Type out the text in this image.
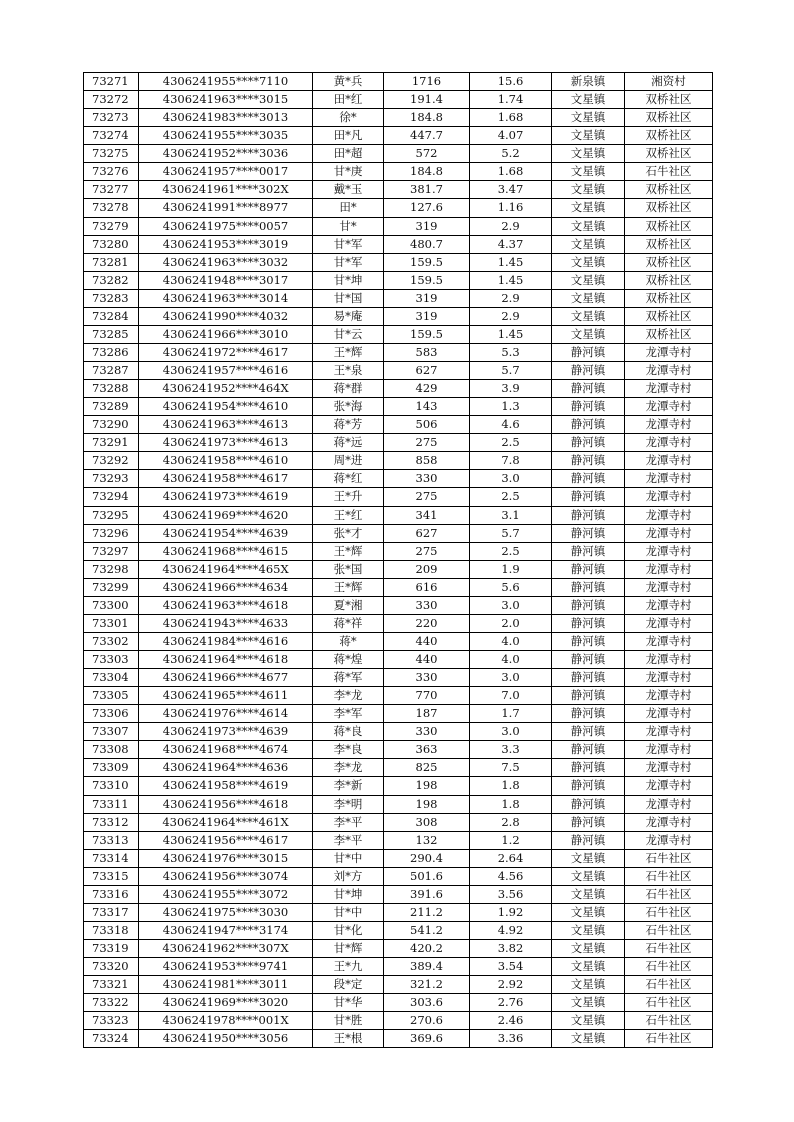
73271	4306241955****7110	黄*兵	1716	15.6	新泉镇	湘资村
73272	4306241963****3015	田*红	191.4	1.74	文星镇	双桥社区
73273	4306241983****3013	徐*	184.8	1.68	文星镇	双桥社区
73274	4306241955****3035	田*凡	447.7	4.07	文星镇	双桥社区
73275	4306241952****3036	田*超	572	5.2	文星镇	双桥社区
73276	4306241957****0017	甘*庚	184.8	1.68	文星镇	石牛社区
73277	4306241961****302X	戴*玉	381.7	3.47	文星镇	双桥社区
73278	4306241991****8977	田*	127.6	1.16	文星镇	双桥社区
73279	4306241975****0057	甘*	319	2.9	文星镇	双桥社区
73280	4306241953****3019	甘*军	480.7	4.37	文星镇	双桥社区
73281	4306241963****3032	甘*军	159.5	1.45	文星镇	双桥社区
73282	4306241948****3017	甘*坤	159.5	1.45	文星镇	双桥社区
73283	4306241963****3014	甘*国	319	2.9	文星镇	双桥社区
73284	4306241990****4032	易*庵	319	2.9	文星镇	双桥社区
73285	4306241966****3010	甘*云	159.5	1.45	文星镇	双桥社区
73286	4306241972****4617	王*辉	583	5.3	静河镇	龙潭寺村
73287	4306241957****4616	王*泉	627	5.7	静河镇	龙潭寺村
73288	4306241952****464X	蒋*群	429	3.9	静河镇	龙潭寺村
73289	4306241954****4610	张*海	143	1.3	静河镇	龙潭寺村
73290	4306241963****4613	蒋*芳	506	4.6	静河镇	龙潭寺村
73291	4306241973****4613	蒋*远	275	2.5	静河镇	龙潭寺村
73292	4306241958****4610	周*进	858	7.8	静河镇	龙潭寺村
73293	4306241958****4617	蒋*红	330	3.0	静河镇	龙潭寺村
73294	4306241973****4619	王*升	275	2.5	静河镇	龙潭寺村
73295	4306241969****4620	王*红	341	3.1	静河镇	龙潭寺村
73296	4306241954****4639	张*才	627	5.7	静河镇	龙潭寺村
73297	4306241968****4615	王*辉	275	2.5	静河镇	龙潭寺村
73298	4306241964****465X	张*国	209	1.9	静河镇	龙潭寺村
73299	4306241966****4634	王*辉	616	5.6	静河镇	龙潭寺村
73300	4306241963****4618	夏*湘	330	3.0	静河镇	龙潭寺村
73301	4306241943****4633	蒋*祥	220	2.0	静河镇	龙潭寺村
73302	4306241984****4616	蒋*	440	4.0	静河镇	龙潭寺村
73303	4306241964****4618	蒋*煌	440	4.0	静河镇	龙潭寺村
73304	4306241966****4677	蒋*军	330	3.0	静河镇	龙潭寺村
73305	4306241965****4611	李*龙	770	7.0	静河镇	龙潭寺村
73306	4306241976****4614	李*军	187	1.7	静河镇	龙潭寺村
73307	4306241973****4639	蒋*良	330	3.0	静河镇	龙潭寺村
73308	4306241968****4674	李*良	363	3.3	静河镇	龙潭寺村
73309	4306241964****4636	李*龙	825	7.5	静河镇	龙潭寺村
73310	4306241958****4619	李*新	198	1.8	静河镇	龙潭寺村
73311	4306241956****4618	李*明	198	1.8	静河镇	龙潭寺村
73312	4306241964****461X	李*平	308	2.8	静河镇	龙潭寺村
73313	4306241956****4617	李*平	132	1.2	静河镇	龙潭寺村
73314	4306241976****3015	甘*中	290.4	2.64	文星镇	石牛社区
73315	4306241956****3074	刘*方	501.6	4.56	文星镇	石牛社区
73316	4306241955****3072	甘*坤	391.6	3.56	文星镇	石牛社区
73317	4306241975****3030	甘*中	211.2	1.92	文星镇	石牛社区
73318	4306241947****3174	甘*化	541.2	4.92	文星镇	石牛社区
73319	4306241962****307X	甘*辉	420.2	3.82	文星镇	石牛社区
73320	4306241953****9741	王*九	389.4	3.54	文星镇	石牛社区
73321	4306241981****3011	段*定	321.2	2.92	文星镇	石牛社区
73322	4306241969****3020	甘*华	303.6	2.76	文星镇	石牛社区
73323	4306241978****001X	甘*胜	270.6	2.46	文星镇	石牛社区
73324	4306241950****3056	王*根	369.6	3.36	文星镇	石牛社区
